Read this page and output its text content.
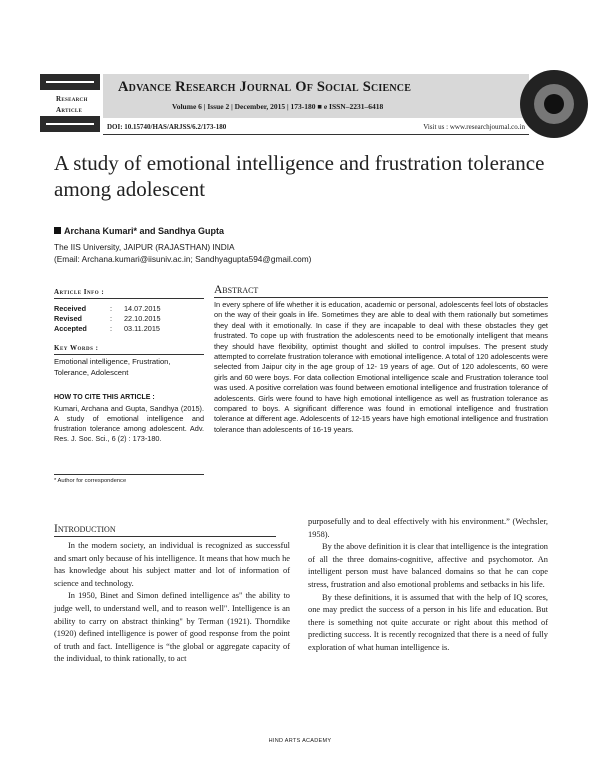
Research
Article
Advance Research Journal Of Social Science
Volume 6 | Issue 2 | December, 2015 | 173-180 ■ e ISSN–2231–6418
DOI: 10.15740/HAS/ARJSS/6.2/173-180	Visit us : www.researchjournal.co.in
A study of emotional intelligence and frustration tolerance among adolescent
Archana Kumari* and Sandhya Gupta
The IIS University, JAIPUR (RAJASTHAN) INDIA
(Email: Archana.kumari@iisuniv.ac.in; Sandhyagupta594@gmail.com)
Article Info :
Received	:	14.07.2015
Revised	:	22.10.2015
Accepted	:	03.11.2015
Key Words :
Emotional intelligence, Frustration, Tolerance, Adolescent
HOW TO CITE THIS ARTICLE :
Kumari, Archana and Gupta, Sandhya (2015). A study of emotional intelligence and frustration tolerance among adolescent. Adv. Res. J. Soc. Sci., 6 (2) : 173-180.
* Author for correspondence
Abstract
In every sphere of life whether it is education, academic or personal, adolescents feel lots of obstacles on the way of their goals in life. Sometimes they are able to deal with them rationally but sometimes they deal with it emotionally. In case if they are incapable to deal with these obstacles they get frustrated. To cope up with frustration the adolescents need to be emotionally intelligent that means they should have flexibility, optimist thought and skilled to control impulses. The present study attempted to correlate frustration tolerance with emotional intelligence. A total of 120 adolescents were selected from Jaipur city in the age group of 12- 19 years of age. Out of 120 adolescents, 60 were girls and 60 were boys. For data collection Emotional intelligence scale and Frustration tolerance tool was used. A positive correlation was found between emotional intelligence and frustration tolerance of adolescents. Girls were found to have high emotional intelligence as well as frustration tolerance as compared to boys. A significant difference was found in emotional intelligence and frustration tolerance at different age. Adolescents of 12-15 years have high emotional intelligence and frustration tolerance than adolescents of 16-19 years.
Introduction

In the modern society, an individual is recognized as successful and smart only because of his intelligence. It means that how much he has knowledge about his subject matter and lot of information of science and technology.

In 1950, Binet and Simon defined intelligence as" the ability to judge well, to understand well, and to reason well". Intelligence is an ability to carry on abstract thinking" by Terman (1921). Thorndike (1920) defined intelligence is power of good response from the point of truth and fact. Intelligence is “the global or aggregate capacity of the individual, to think rationally, to act

purposefully and to deal effectively with his environment.” (Wechsler, 1958).

By the above definition it is clear that intelligence is the integration of all the three domains-cognitive, affective and psychomotor. An intelligent person must have balanced domains so that he can cope stress, frustration and also emotional problems and setbacks in his life.

By these definitions, it is assumed that with the help of IQ scores, one may predict the success of a person in his life and education. But there is something not quite accurate or right about this method of predicting success. It is recently recognized that there is a need of fully exploration of what human intelligence is.

HIND ARTS ACADEMY
